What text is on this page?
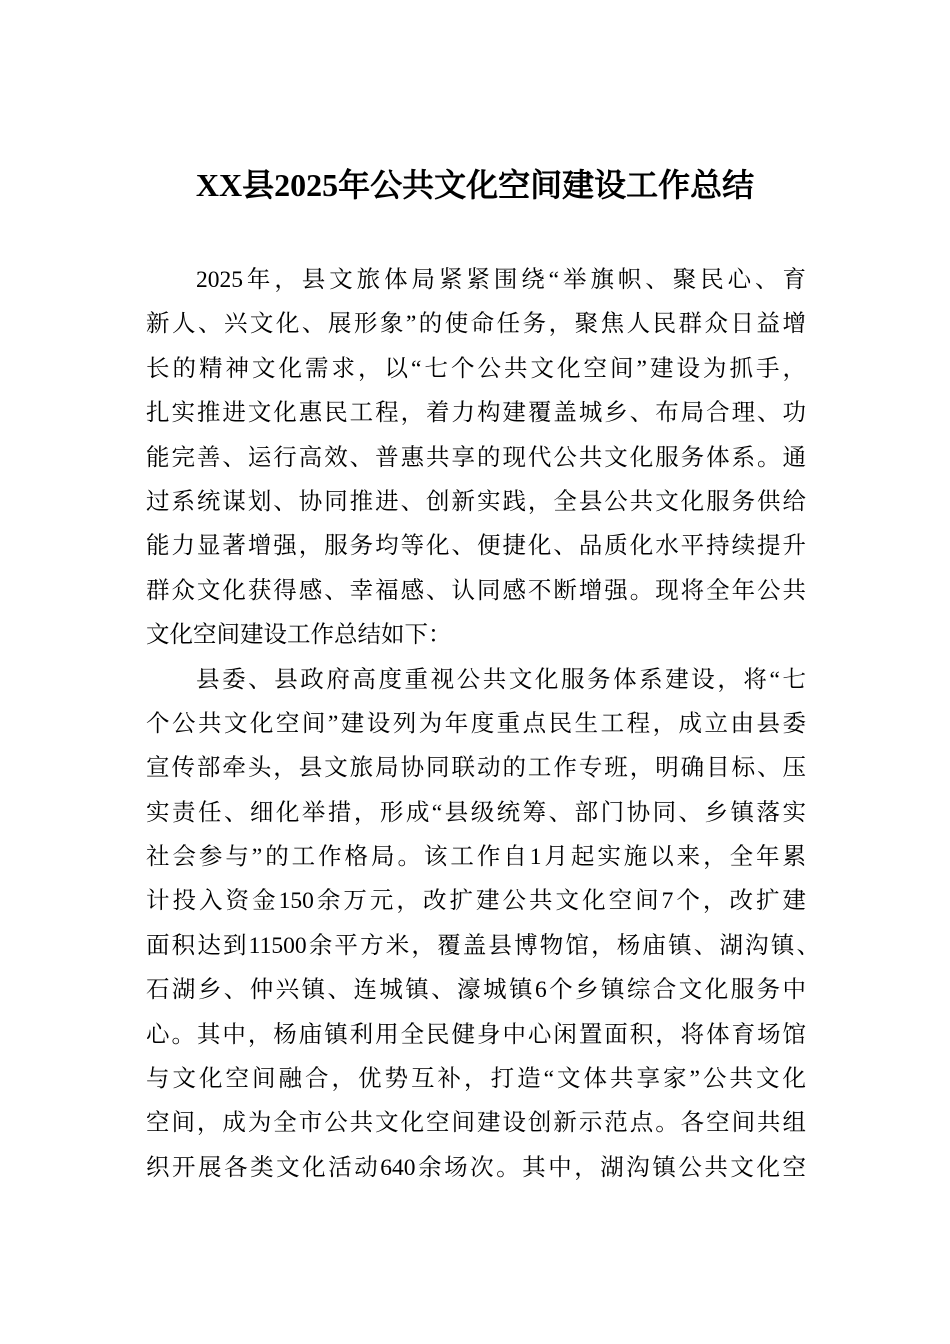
XX县2025年公共文化空间建设工作总结
2025年，县文旅体局紧紧围绕“举旗帜、聚民心、育
新人、兴文化、展形象”的使命任务，聚焦人民群众日益增
长的精神文化需求，以“七个公共文化空间”建设为抓手，
扎实推进文化惠民工程，着力构建覆盖城乡、布局合理、功
能完善、运行高效、普惠共享的现代公共文化服务体系。通
过系统谋划、协同推进、创新实践，全县公共文化服务供给
能力显著增强，服务均等化、便捷化、品质化水平持续提升
群众文化获得感、幸福感、认同感不断增强。现将全年公共
文化空间建设工作总结如下：
县委、县政府高度重视公共文化服务体系建设，将“七
个公共文化空间”建设列为年度重点民生工程，成立由县委
宣传部牵头，县文旅局协同联动的工作专班，明确目标、压
实责任、细化举措，形成“县级统筹、部门协同、乡镇落实
社会参与”的工作格局。该工作自1月起实施以来，全年累
计投入资金150余万元，改扩建公共文化空间7个，改扩建
面积达到11500余平方米，覆盖县博物馆，杨庙镇、湖沟镇、
石湖乡、仲兴镇、连城镇、濠城镇6个乡镇综合文化服务中
心。其中，杨庙镇利用全民健身中心闲置面积，将体育场馆
与文化空间融合，优势互补，打造“文体共享家”公共文化
空间，成为全市公共文化空间建设创新示范点。各空间共组
织开展各类文化活动640余场次。其中，湖沟镇公共文化空
